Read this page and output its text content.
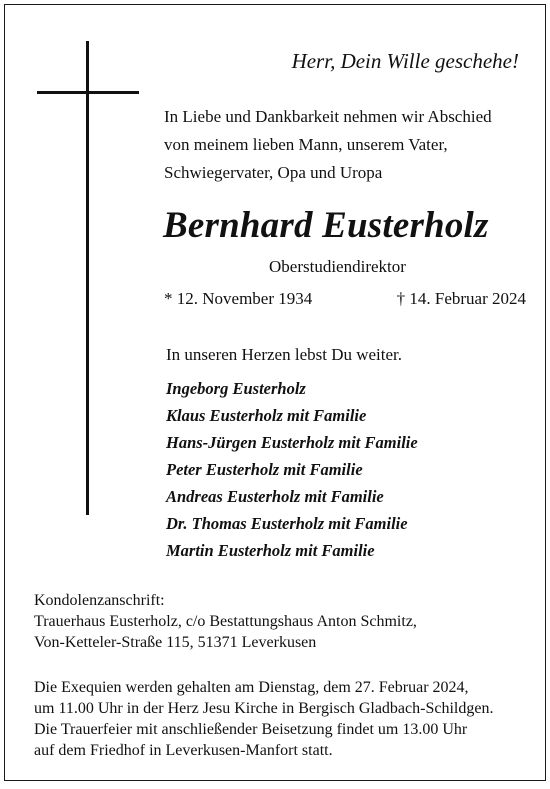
Herr, Dein Wille geschehe!
In Liebe und Dankbarkeit nehmen wir Abschied
von meinem lieben Mann, unserem Vater,
Schwiegervater, Opa und Uropa
Bernhard Eusterholz
Oberstudiendirektor
* 12. November 1934	† 14. Februar 2024
In unseren Herzen lebst Du weiter.
Ingeborg Eusterholz
Klaus Eusterholz mit Familie
Hans-Jürgen Eusterholz mit Familie
Peter Eusterholz mit Familie
Andreas Eusterholz mit Familie
Dr. Thomas Eusterholz mit Familie
Martin Eusterholz mit Familie
Kondolenzanschrift:
Trauerhaus Eusterholz, c/o Bestattungshaus Anton Schmitz,
Von-Ketteler-Straße 115, 51371 Leverkusen
Die Exequien werden gehalten am Dienstag, dem 27. Februar 2024,
um 11.00 Uhr in der Herz Jesu Kirche in Bergisch Gladbach-Schildgen.
Die Trauerfeier mit anschließender Beisetzung findet um 13.00 Uhr
auf dem Friedhof in Leverkusen-Manfort statt.
